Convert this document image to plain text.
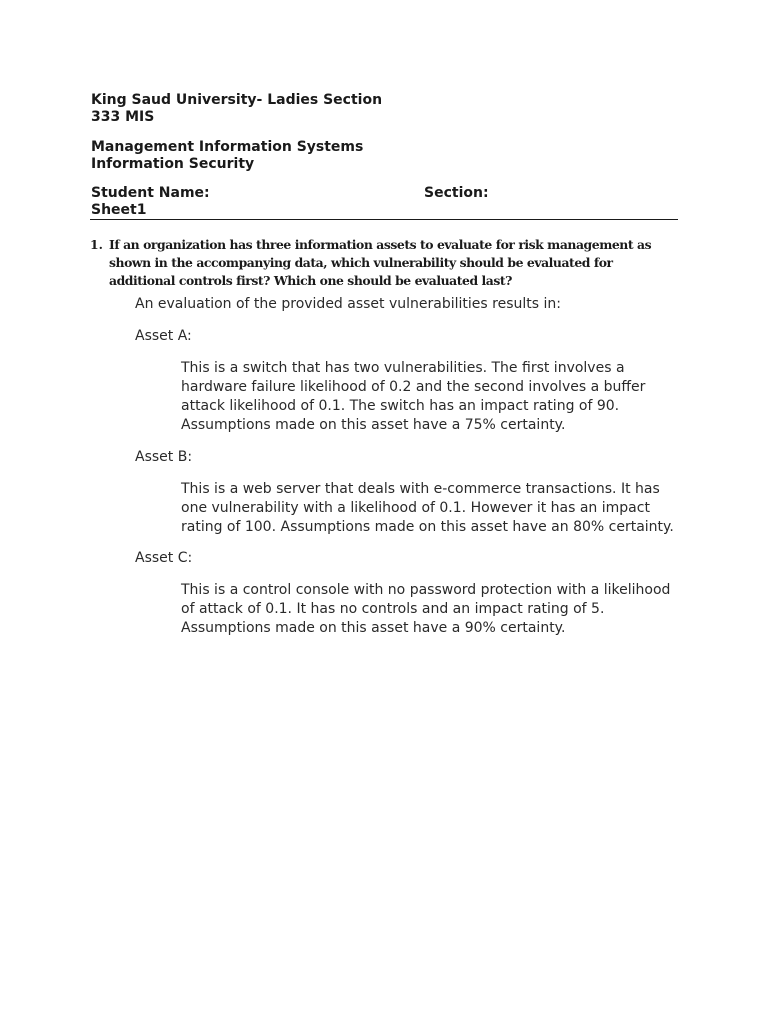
King Saud University- Ladies Section
333 MIS
Management Information Systems
Information Security
Student Name:	Section:
Sheet1
1. If an organization has three information assets to evaluate for risk management as shown in the accompanying data, which vulnerability should be evaluated for additional controls first? Which one should be evaluated last?
An evaluation of the provided asset vulnerabilities results in:
Asset A:
This is a switch that has two vulnerabilities. The first involves a hardware failure likelihood of 0.2 and the second involves a buffer attack likelihood of 0.1. The switch has an impact rating of 90. Assumptions made on this asset have a 75% certainty.
Asset B:
This is a web server that deals with e-commerce transactions. It has one vulnerability with a likelihood of 0.1. However it has an impact rating of 100. Assumptions made on this asset have an 80% certainty.
Asset C:
This is a control console with no password protection with a likelihood of attack of 0.1. It has no controls and an impact rating of 5. Assumptions made on this asset have a 90% certainty.
